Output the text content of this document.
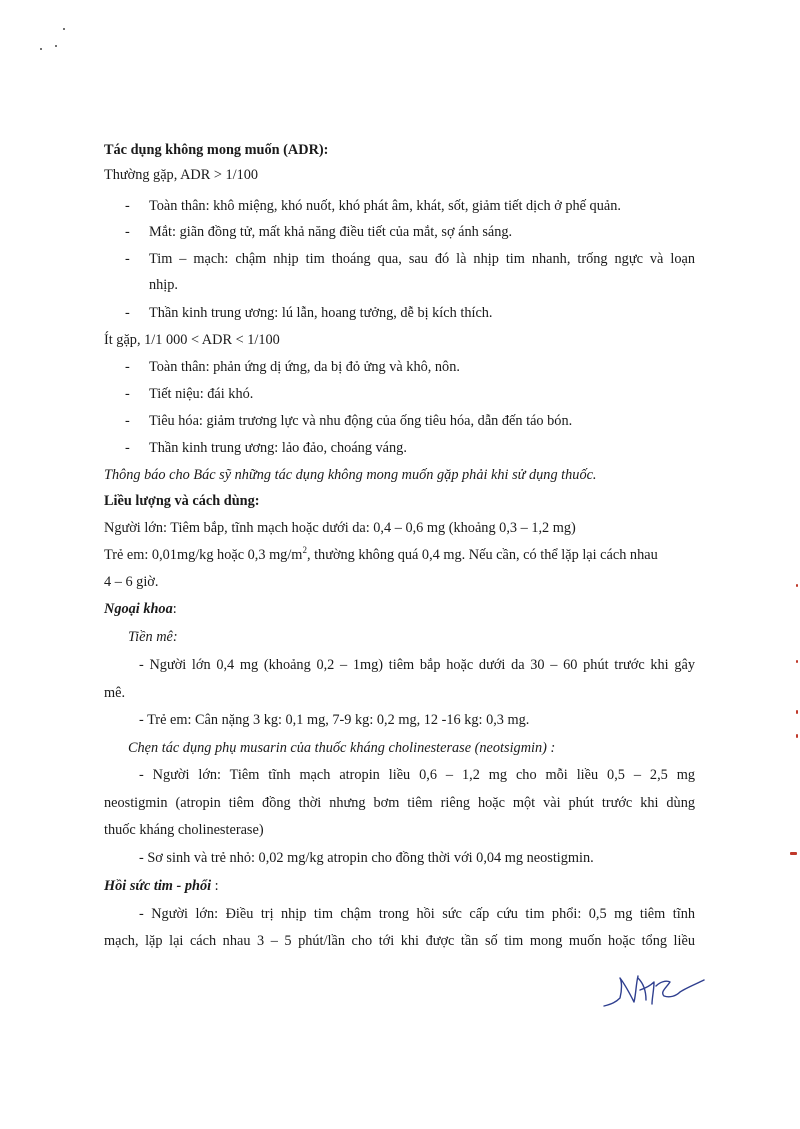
Tác dụng không mong muốn (ADR):
Thường gặp, ADR > 1/100
- Toàn thân: khô miệng, khó nuốt, khó phát âm, khát, sốt, giảm tiết dịch ở phế quản.
- Mắt: giãn đồng tử, mất khả năng điều tiết của mắt, sợ ánh sáng.
- Tim – mạch: chậm nhịp tim thoáng qua, sau đó là nhịp tim nhanh, trống ngực và loạn
nhịp.
- Thần kinh trung ương: lú lẫn, hoang tưởng, dễ bị kích thích.
Ít gặp, 1/1 000 < ADR < 1/100
- Toàn thân: phản ứng dị ứng, da bị đỏ ửng và khô, nôn.
- Tiết niệu: đái khó.
- Tiêu hóa: giảm trương lực và nhu động của ống tiêu hóa, dẫn đến táo bón.
- Thần kinh trung ương: lảo đảo, choáng váng.
Thông báo cho Bác sỹ những tác dụng không mong muốn gặp phải khi sử dụng thuốc.
Liều lượng và cách dùng:
Người lớn: Tiêm bắp, tĩnh mạch hoặc dưới da: 0,4 – 0,6 mg (khoảng 0,3 – 1,2 mg)
Trẻ em: 0,01mg/kg hoặc 0,3 $mg/m^2$, thường không quá 0,4 mg. Nếu cần, có thể lặp lại cách nhau
4 – 6 giờ.
Ngoại khoa:
Tiền mê:
- Người lớn 0,4 mg (khoảng 0,2 – 1mg) tiêm bắp hoặc dưới da 30 – 60 phút trước khi gây
mê.
- Trẻ em: Cân nặng 3 kg: 0,1 mg, 7-9 kg: 0,2 mg, 12 -16 kg: 0,3 mg.
Chẹn tác dụng phụ musarin của thuốc kháng cholinesterase (neotsigmin) :
- Người lớn: Tiêm tĩnh mạch atropin liều 0,6 – 1,2 mg cho mỗi liều 0,5 – 2,5 mg
neostigmin (atropin tiêm đồng thời nhưng bơm tiêm riêng hoặc một vài phút trước khi dùng
thuốc kháng cholinesterase)
- Sơ sinh và trẻ nhỏ: 0,02 mg/kg atropin cho đồng thời với 0,04 mg neostigmin.
Hồi sức tim - phổi :
- Người lớn: Điều trị nhịp tim chậm trong hồi sức cấp cứu tim phổi: 0,5 mg tiêm tĩnh
mạch, lặp lại cách nhau 3 – 5 phút/lần cho tới khi được tần số tim mong muốn hoặc tổng liều
